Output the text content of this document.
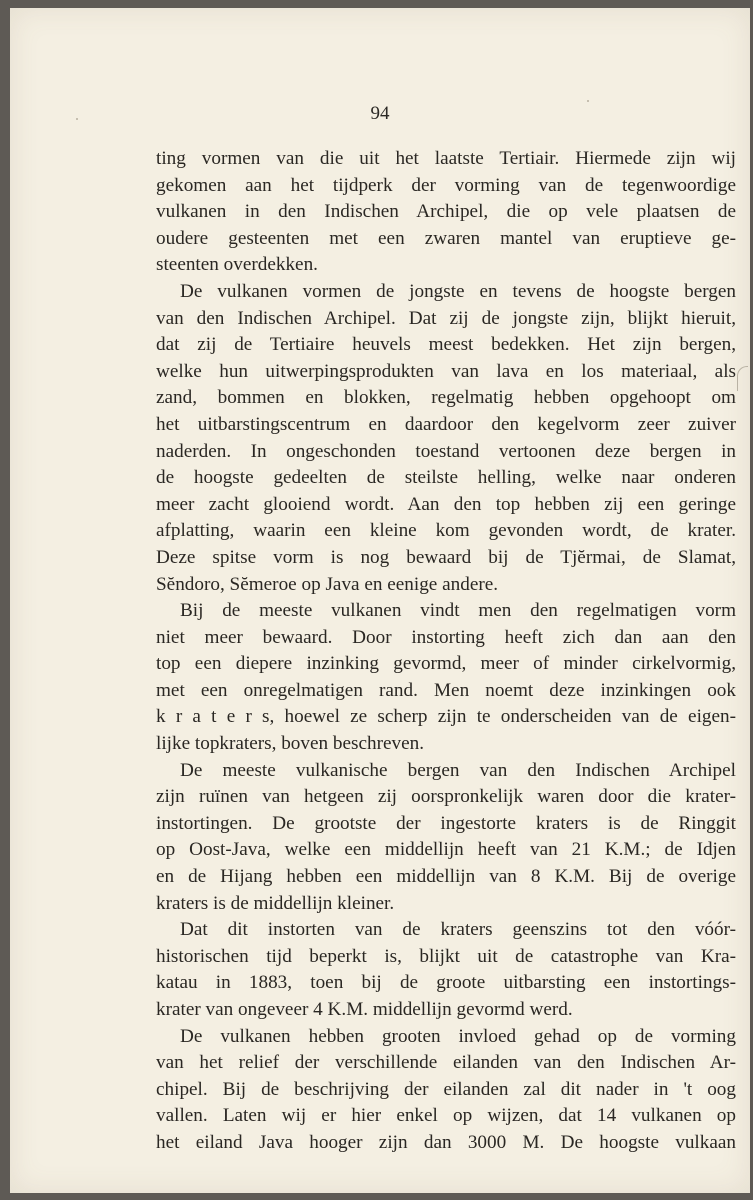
94
ting vormen van die uit het laatste Tertiair. Hiermede zijn wij
gekomen aan het tijdperk der vorming van de tegenwoordige
vulkanen in den Indischen Archipel, die op vele plaatsen de
oudere gesteenten met een zwaren mantel van eruptieve ge-
steenten overdekken.
De vulkanen vormen de jongste en tevens de hoogste bergen
van den Indischen Archipel. Dat zij de jongste zijn, blijkt hieruit,
dat zij de Tertiaire heuvels meest bedekken. Het zijn bergen,
welke hun uitwerpingsprodukten van lava en los materiaal, als
zand, bommen en blokken, regelmatig hebben opgehoopt om
het uitbarstingscentrum en daardoor den kegelvorm zeer zuiver
naderden. In ongeschonden toestand vertoonen deze bergen in
de hoogste gedeelten de steilste helling, welke naar onderen
meer zacht glooiend wordt. Aan den top hebben zij een geringe
afplatting, waarin een kleine kom gevonden wordt, de krater.
Deze spitse vorm is nog bewaard bij de Tjĕrmai, de Slamat,
Sĕndoro, Sĕmeroe op Java en eenige andere.
Bij de meeste vulkanen vindt men den regelmatigen vorm
niet meer bewaard. Door instorting heeft zich dan aan den
top een diepere inzinking gevormd, meer of minder cirkelvormig,
met een onregelmatigen rand. Men noemt deze inzinkingen ook
k r a t e r s, hoewel ze scherp zijn te onderscheiden van de eigen-
lijke topkraters, boven beschreven.
De meeste vulkanische bergen van den Indischen Archipel
zijn ruïnen van hetgeen zij oorspronkelijk waren door die krater-
instortingen. De grootste der ingestorte kraters is de Ringgit
op Oost-Java, welke een middellijn heeft van 21 K.M.; de Idjen
en de Hijang hebben een middellijn van 8 K.M. Bij de overige
kraters is de middellijn kleiner.
Dat dit instorten van de kraters geenszins tot den vóór-
historischen tijd beperkt is, blijkt uit de catastrophe van Kra-
katau in 1883, toen bij de groote uitbarsting een instortings-
krater van ongeveer 4 K.M. middellijn gevormd werd.
De vulkanen hebben grooten invloed gehad op de vorming
van het relief der verschillende eilanden van den Indischen Ar-
chipel. Bij de beschrijving der eilanden zal dit nader in 't oog
vallen. Laten wij er hier enkel op wijzen, dat 14 vulkanen op
het eiland Java hooger zijn dan 3000 M. De hoogste vulkaan
